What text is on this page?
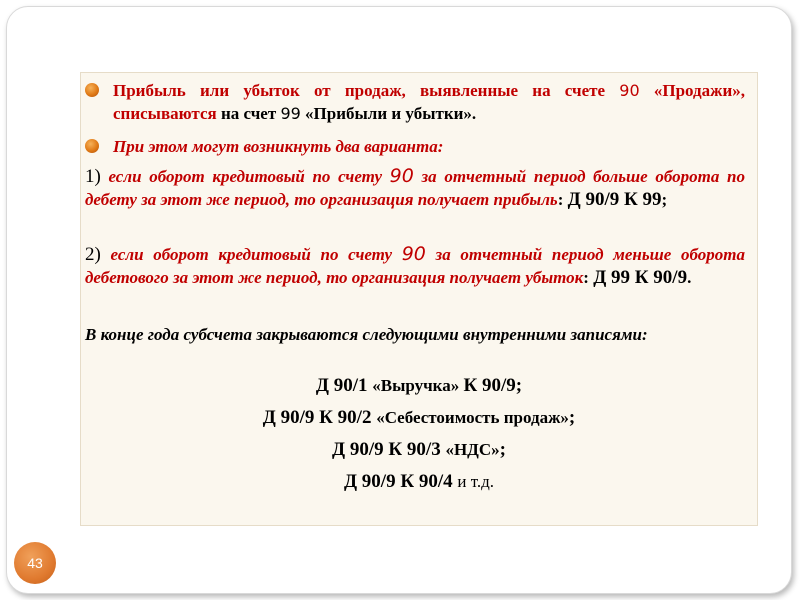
Прибыль или убыток от продаж, выявленные на счете 90 «Продажи», списываются на счет 99 «Прибыли и убытки».
При этом могут возникнуть два варианта:
1) если оборот кредитовый по счету 90 за отчетный период больше оборота по дебету за этот же период, то организация получает прибыль: Д 90/9 К 99;
2) если оборот кредитовый по счету 90 за отчетный период меньше оборота дебетового за этот же период, то организация получает убыток: Д 99 К 90/9.
В конце года субсчета закрываются следующими внутренними записями:
Д 90/1 «Выручка» К 90/9;
Д 90/9 К 90/2 «Себестоимость продаж»;
Д 90/9 К 90/3 «НДС»;
Д 90/9 К 90/4 и т.д.
43
